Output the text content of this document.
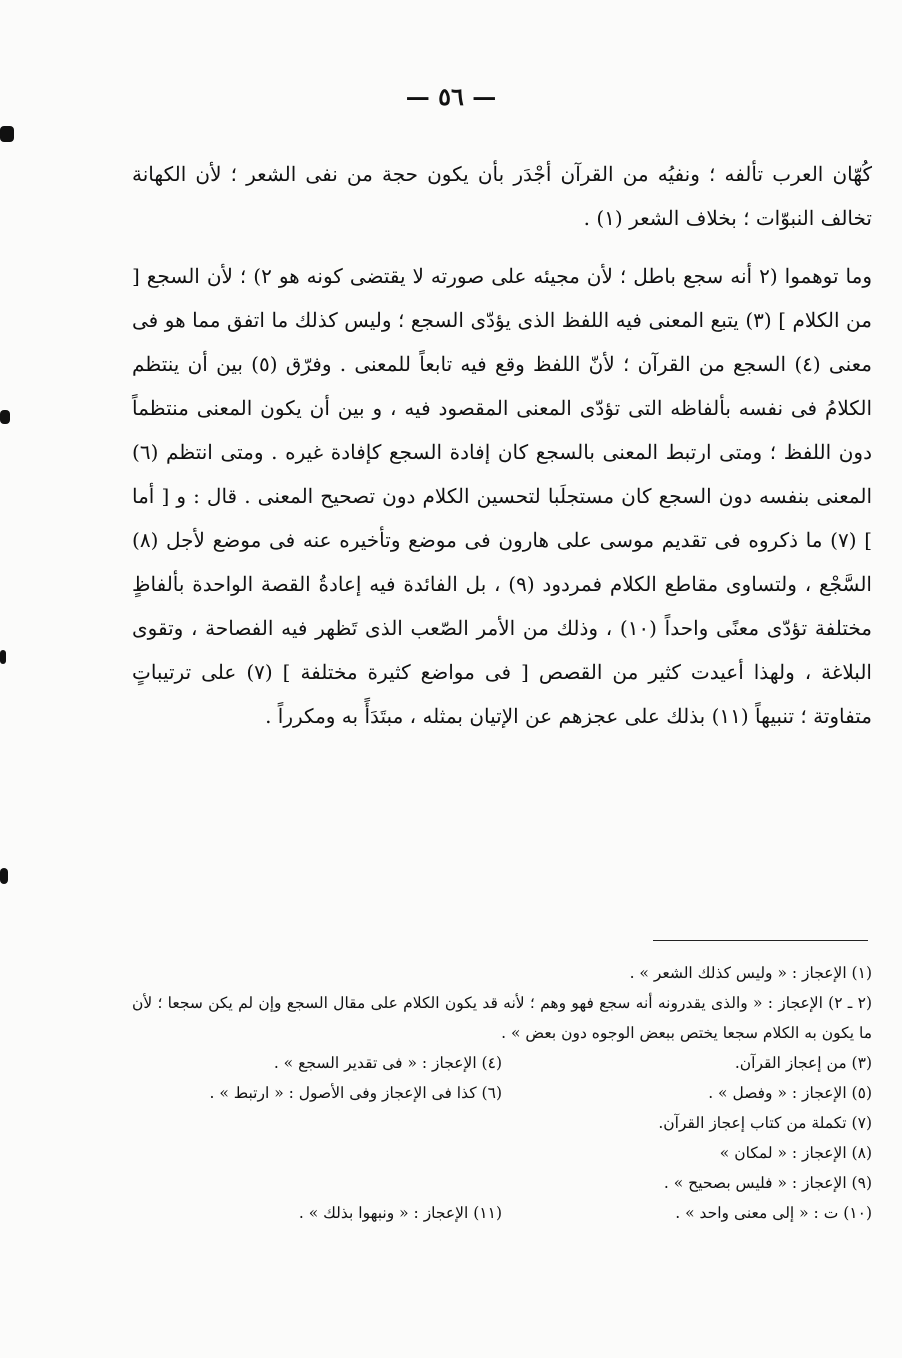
— ٥٦ —

كُهّان العرب تألفه ؛ ونفيُه من القرآن أجْدَر بأن يكون حجة من نفى الشعر ؛ لأن الكهانة تخالف النبوّات ؛ بخلاف الشعر (١) .

وما توهموا (٢ أنه سجع باطل ؛ لأن مجيئه على صورته لا يقتضى كونه هو ٢) ؛ لأن السجع [ من الكلام ] (٣) يتبع المعنى فيه اللفظ الذى يؤدّى السجع ؛ وليس كذلك ما اتفق مما هو فى معنى (٤) السجع من القرآن ؛ لأنّ اللفظ وقع فيه تابعاً للمعنى . وفرّق (٥) بين أن ينتظم الكلامُ فى نفسه بألفاظه التى تؤدّى المعنى المقصود فيه ، و بين أن يكون المعنى منتظماً دون اللفظ ؛ ومتى ارتبط المعنى بالسجع كان إفادة السجع كإفادة غيره . ومتى انتظم (٦) المعنى بنفسه دون السجع كان مستجلَبا لتحسين الكلام دون تصحيح المعنى . قال : و [ أما ] (٧) ما ذكروه فى تقديم موسى على هارون فى موضع وتأخيره عنه فى موضع لأجل (٨) السَّجْع ، ولتساوى مقاطع الكلام فمردود (٩) ، بل الفائدة فيه إعادةُ القصة الواحدة بألفاظٍ مختلفة تؤدّى معنًى واحداً (١٠) ، وذلك من الأمر الصّعب الذى تَظهر فيه الفصاحة ، وتقوى البلاغة ، ولهذا أعيدت كثير من القصص [ فى مواضع كثيرة مختلفة ] (٧) على ترتيباتٍ متفاوتة ؛ تنبيهاً (١١) بذلك على عجزهم عن الإتيان بمثله ، مبتَدَأً به ومكرراً .

(١) الإعجاز : « وليس كذلك الشعر » .
(٢ ـ ٢) الإعجاز : « والذى يقدرونه أنه سجع فهو وهم ؛ لأنه قد يكون الكلام على مقال السجع وإن لم يكن سجعا ؛ لأن ما يكون به الكلام سجعا يختص ببعض الوجوه دون بعض » .
(٣) من إعجاز القرآن.
(٤) الإعجاز : « فى تقدير السجع » .
(٥) الإعجاز : « وفصل » .
(٦) كذا فى الإعجاز وفى الأصول : « ارتبط » .
(٧) تكملة من كتاب إعجاز القرآن.
(٨) الإعجاز : « لمكان »
(٩) الإعجاز : « فليس بصحيح » .
(١٠) ت : « إلى معنى واحد » .
(١١) الإعجاز : « ونبهوا بذلك » .
